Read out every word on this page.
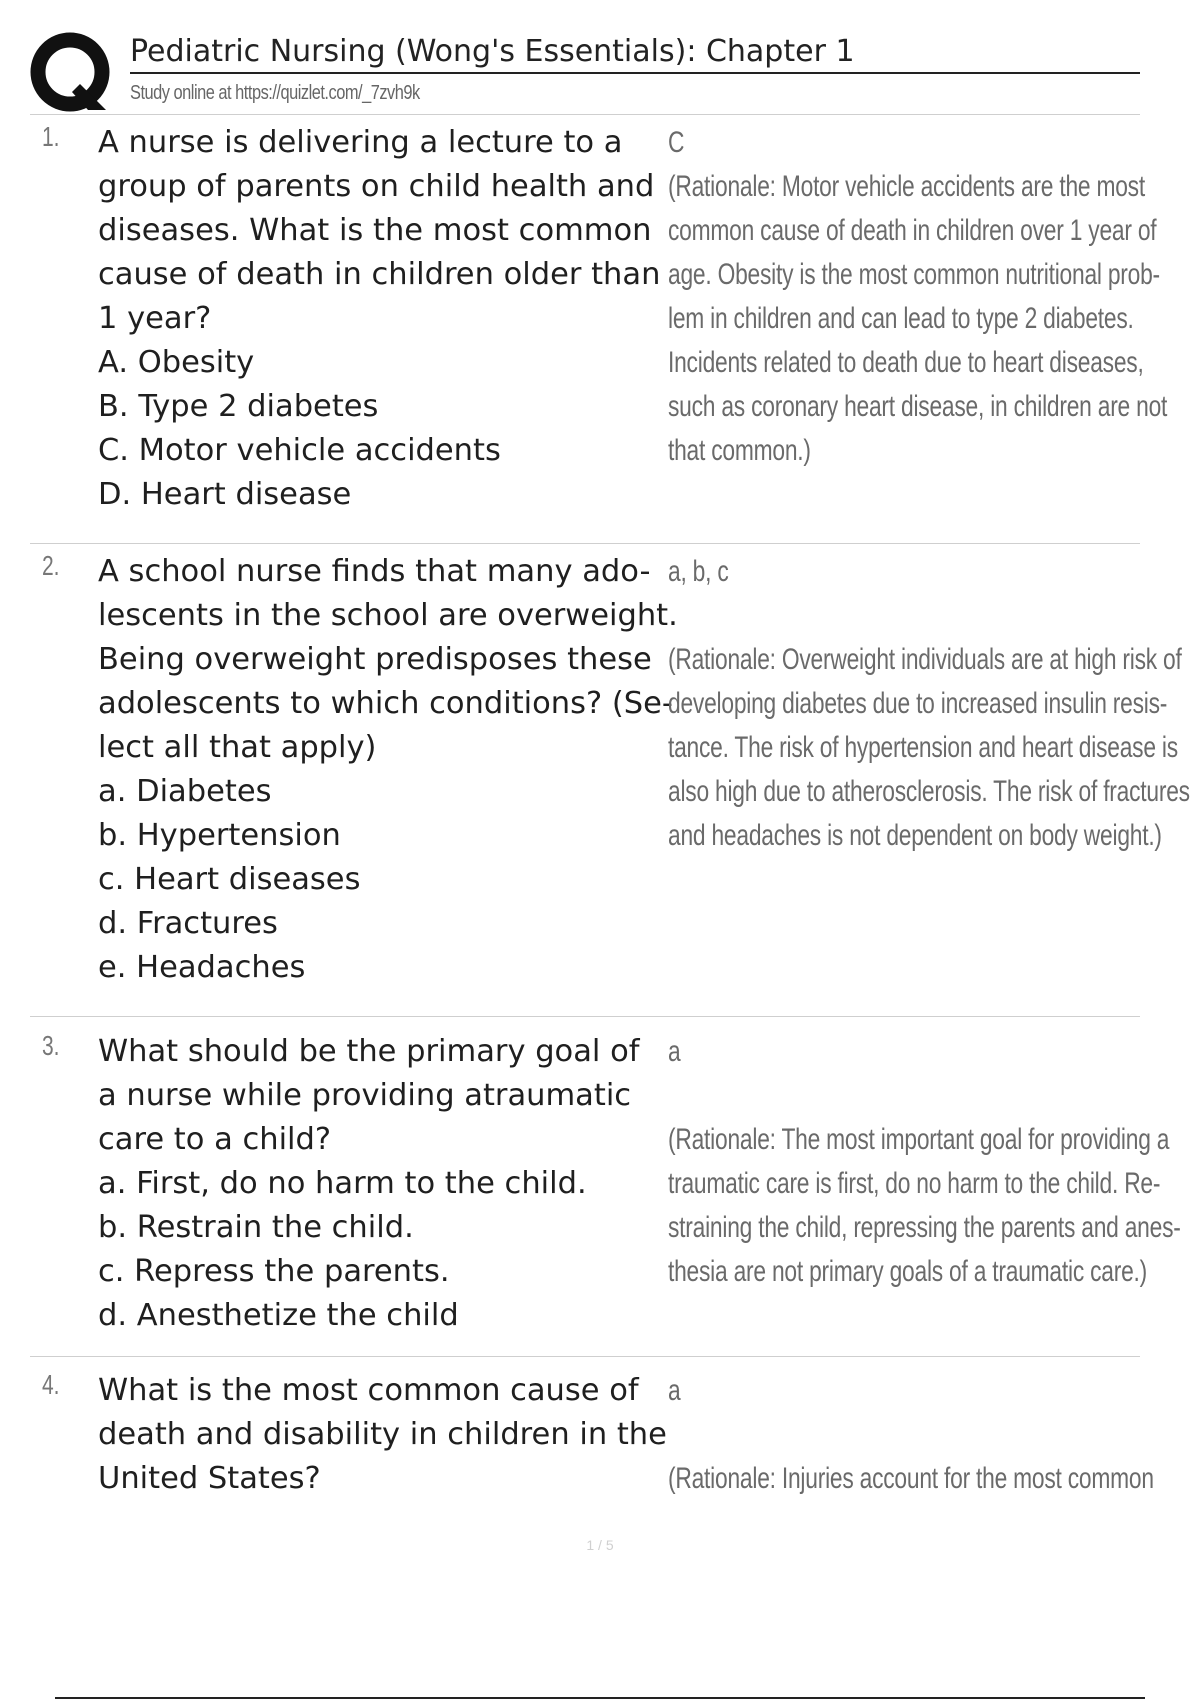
Pediatric Nursing (Wong's Essentials): Chapter 1
Study online at https://quizlet.com/_7zvh9k
1. A nurse is delivering a lecture to a
group of parents on child health and
diseases. What is the most common
cause of death in children older than
1 year?
A. Obesity
B. Type 2 diabetes
C. Motor vehicle accidents
D. Heart disease
C
(Rationale: Motor vehicle accidents are the most
common cause of death in children over 1 year of
age. Obesity is the most common nutritional prob-
lem in children and can lead to type 2 diabetes.
Incidents related to death due to heart diseases,
such as coronary heart disease, in children are not
that common.)
2. A school nurse finds that many ado-
lescents in the school are overweight.
Being overweight predisposes these
adolescents to which conditions? (Se-
lect all that apply)
a. Diabetes
b. Hypertension
c. Heart diseases
d. Fractures
e. Headaches
a, b, c

(Rationale: Overweight individuals are at high risk of
developing diabetes due to increased insulin resis-
tance. The risk of hypertension and heart disease is
also high due to atherosclerosis. The risk of fractures
and headaches is not dependent on body weight.)
3. What should be the primary goal of
a nurse while providing atraumatic
care to a child?
a. First, do no harm to the child.
b. Restrain the child.
c. Repress the parents.
d. Anesthetize the child
a

(Rationale: The most important goal for providing a
traumatic care is first, do no harm to the child. Re-
straining the child, repressing the parents and anes-
thesia are not primary goals of a traumatic care.)
4. What is the most common cause of
death and disability in children in the
United States?
a

(Rationale: Injuries account for the most common
1 / 5
